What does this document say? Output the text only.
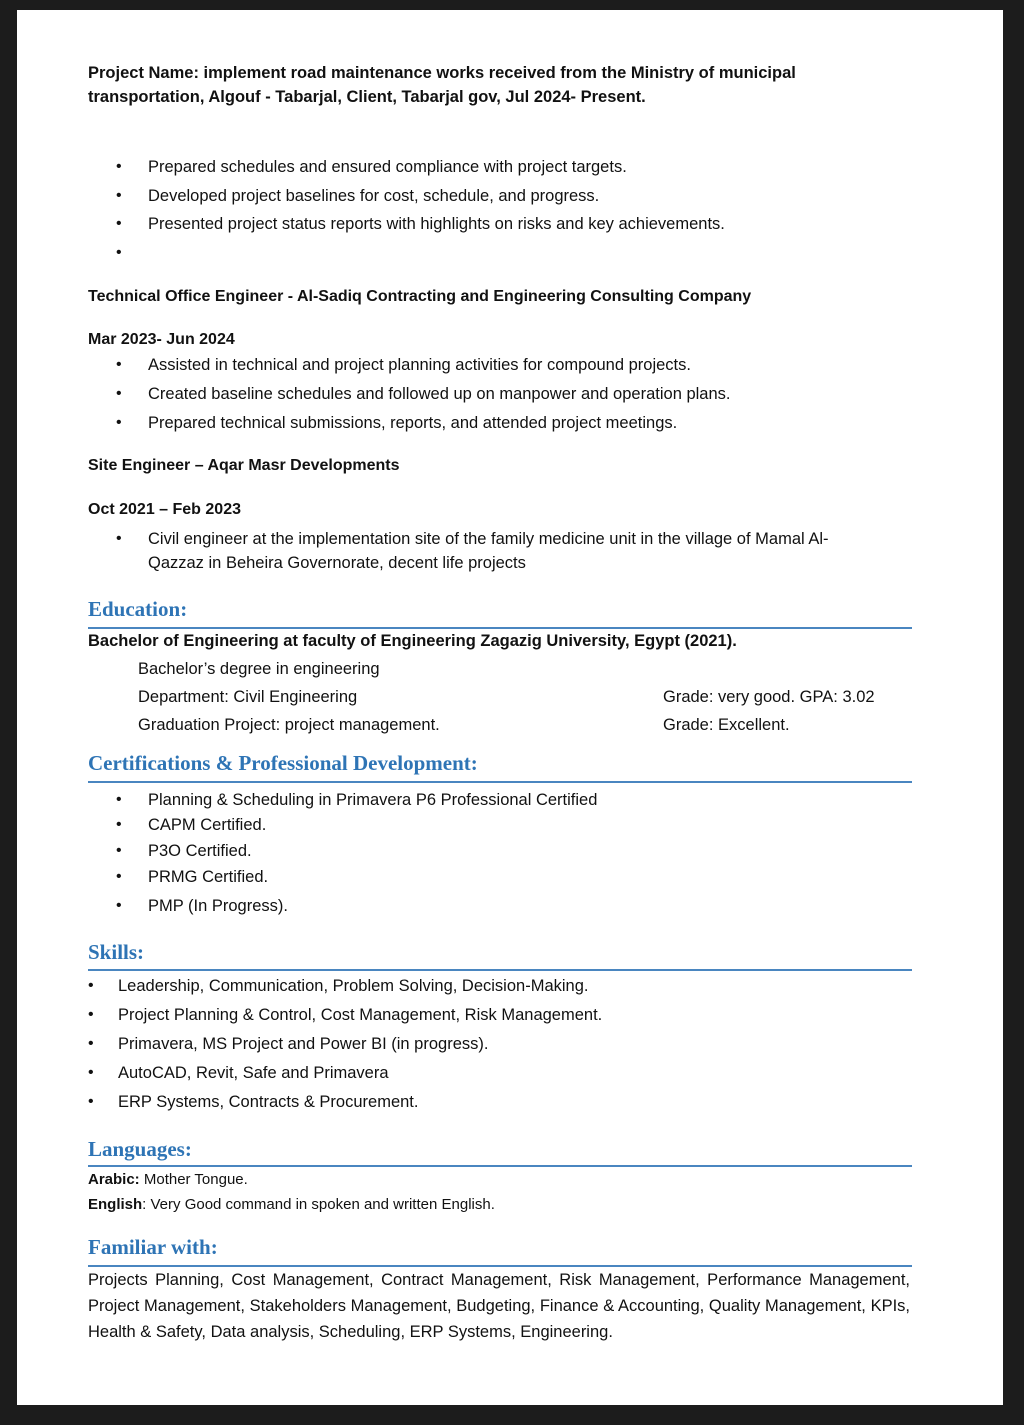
Project Name: implement road maintenance works received from the Ministry of municipal
transportation, Algouf - Tabarjal, Client, Tabarjal gov, Jul 2024- Present.
• Prepared schedules and ensured compliance with project targets.
• Developed project baselines for cost, schedule, and progress.
• Presented project status reports with highlights on risks and key achievements.
•
Technical Office Engineer - Al-Sadiq Contracting and Engineering Consulting Company
Mar 2023- Jun 2024
• Assisted in technical and project planning activities for compound projects.
• Created baseline schedules and followed up on manpower and operation plans.
• Prepared technical submissions, reports, and attended project meetings.
Site Engineer – Aqar Masr Developments
Oct 2021 – Feb 2023
• Civil engineer at the implementation site of the family medicine unit in the village of Mamal Al-
Qazzaz in Beheira Governorate, decent life projects
Education:
Bachelor of Engineering at faculty of Engineering Zagazig University, Egypt (2021).
Bachelor’s degree in engineering
Department: Civil Engineering	Grade: very good. GPA: 3.02
Graduation Project: project management.	Grade: Excellent.
Certifications & Professional Development:
• Planning & Scheduling in Primavera P6 Professional Certified
• CAPM Certified.
• P3O Certified.
• PRMG Certified.
• PMP (In Progress).
Skills:
• Leadership, Communication, Problem Solving, Decision-Making.
• Project Planning & Control, Cost Management, Risk Management.
• Primavera, MS Project and Power BI (in progress).
• AutoCAD, Revit, Safe and Primavera
• ERP Systems, Contracts & Procurement.
Languages:
Arabic: Mother Tongue.
English: Very Good command in spoken and written English.
Familiar with:
Projects Planning, Cost Management, Contract Management, Risk Management, Performance Management, Project Management, Stakeholders Management, Budgeting, Finance & Accounting, Quality Management, KPIs, Health & Safety, Data analysis, Scheduling, ERP Systems, Engineering.
